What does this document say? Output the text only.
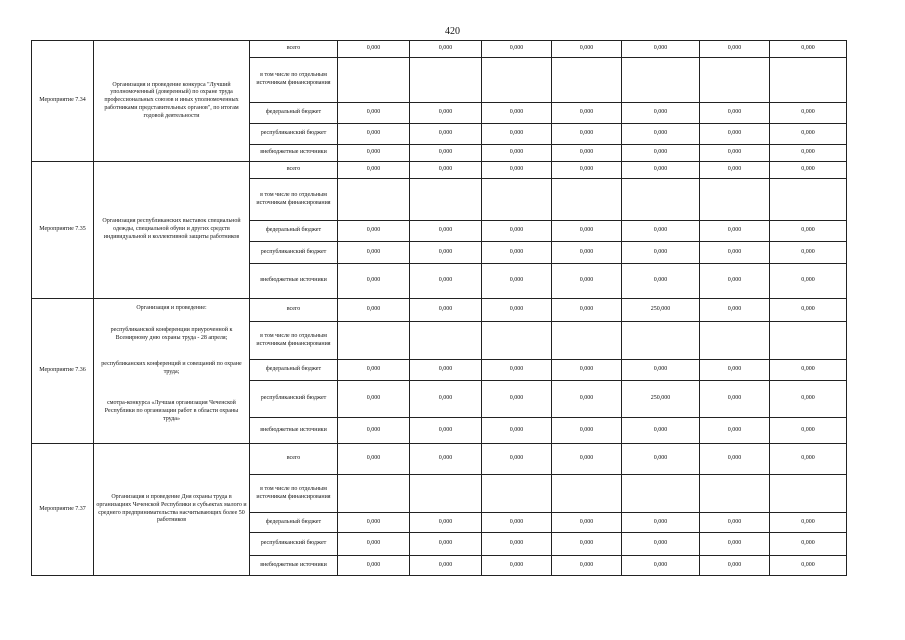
420
Мероприятие 7.34	Организация и проведение конкурса "Лучший уполномоченный (доверенный) по охране труда профессиональных союзов и иных уполномоченных работниками представительных органов", по итогам годовой деятельности	всего	0,000	0,000	0,000	0,000	0,000	0,000	0,000
		в том числе по отдельным источникам финансирования							
		федеральный бюджет	0,000	0,000	0,000	0,000	0,000	0,000	0,000
		республиканский бюджет	0,000	0,000	0,000	0,000	0,000	0,000	0,000
		внебюджетные источники	0,000	0,000	0,000	0,000	0,000	0,000	0,000
Мероприятие 7.35	Организация республиканских выставок специальной одежды, специальной обуви и других средств индивидуальной и коллективной защиты работников	всего	0,000	0,000	0,000	0,000	0,000	0,000	0,000
		в том числе по отдельным источникам финансирования							
		федеральный бюджет	0,000	0,000	0,000	0,000	0,000	0,000	0,000
		республиканский бюджет	0,000	0,000	0,000	0,000	0,000	0,000	0,000
		внебюджетные источники	0,000	0,000	0,000	0,000	0,000	0,000	0,000
Мероприятие 7.36	Организация и проведение:
республиканской конференции приуроченной к Всемирному дню охраны труда - 28 апреля;
республиканских конференций и совещаний по охране труда;
смотра-конкурса «Лучшая организация Чеченской Республики по организации работ в области охраны труда»	всего	0,000	0,000	0,000	0,000	250,000	0,000	0,000
		в том числе по отдельным источникам финансирования							
		федеральный бюджет	0,000	0,000	0,000	0,000	0,000	0,000	0,000
		республиканский бюджет	0,000	0,000	0,000	0,000	250,000	0,000	0,000
		внебюджетные источники	0,000	0,000	0,000	0,000	0,000	0,000	0,000
Мероприятие 7.37	Организация и проведение Дня охраны труда в организациях Чеченской Республики и субъектах малого и среднего предпринимательства насчитывающих более 50 работников	всего	0,000	0,000	0,000	0,000	0,000	0,000	0,000
		в том числе по отдельным источникам финансирования							
		федеральный бюджет	0,000	0,000	0,000	0,000	0,000	0,000	0,000
		республиканский бюджет	0,000	0,000	0,000	0,000	0,000	0,000	0,000
		внебюджетные источники	0,000	0,000	0,000	0,000	0,000	0,000	0,000
